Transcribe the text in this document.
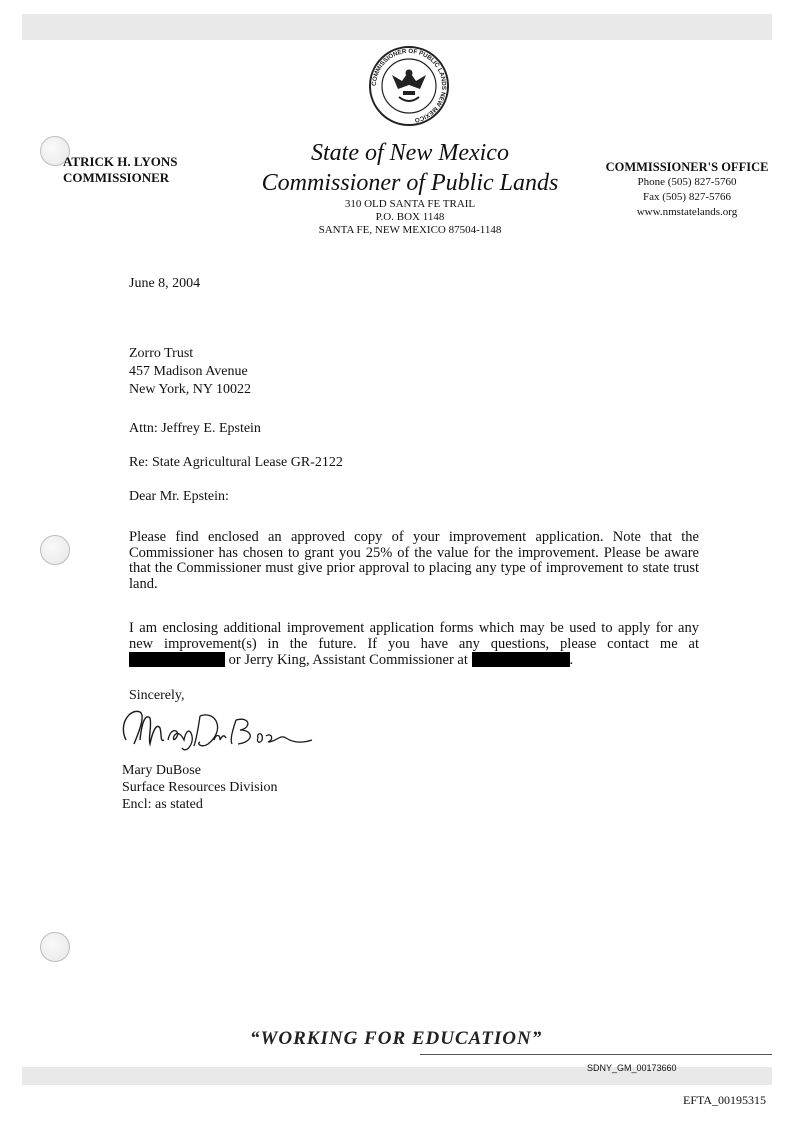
COMMISSIONER OF PUBLIC LANDS NEW MEXICO
ATRICK H. LYONS
COMMISSIONER
State of New Mexico
Commissioner of Public Lands
310 OLD SANTA FE TRAIL
P.O. BOX 1148
SANTA FE, NEW MEXICO 87504-1148
COMMISSIONER'S OFFICE
Phone (505) 827-5760
Fax (505) 827-5766
www.nmstatelands.org
June 8, 2004
Zorro Trust
457 Madison Avenue
New York, NY 10022
Attn: Jeffrey E. Epstein
Re: State Agricultural Lease GR-2122
Dear Mr. Epstein:
Please find enclosed an approved copy of your improvement application. Note that the Commissioner has chosen to grant you 25% of the value for the improvement. Please be aware that the Commissioner must give prior approval to placing any type of improvement to state trust land.
I am enclosing additional improvement application forms which may be used to apply for any new improvement(s) in the future. If you have any questions, please contact me at  or Jerry King, Assistant Commissioner at	.
Sincerely,
Mary DuBose
Surface Resources Division
Encl: as stated
“WORKING FOR EDUCATION”
SDNY_GM_00173660
EFTA_00195315
